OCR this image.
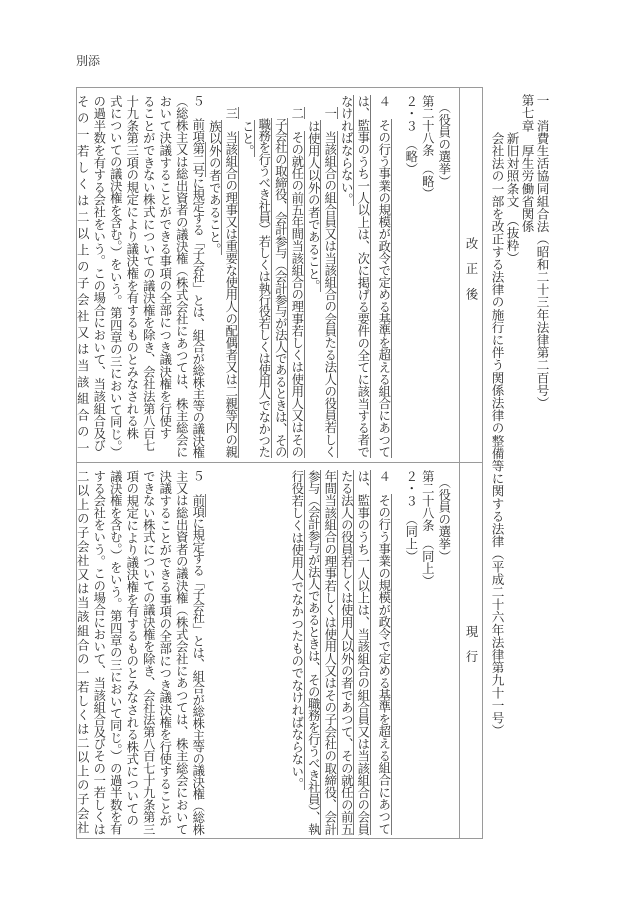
別添
一　消費生活協同組合法（昭和二十三年法律第二百号）
第七章　厚生労働省関係
　　　新旧対照条文　（抜粋）
　　　会社法の一部を改正する法律の施行に伴う関係法律の整備等に関する法律（平成二十六年法律第九十一号）
改正後
現行
　（役員の選挙）
第二十八条　（略）
２・３　（略）
４　その行う事業の規模が政令で定める基準を超える組合にあつて
は、監事のうち一人以上は、次に掲げる要件の全てに該当する者で
なければならない。
　一　当該組合の組合員又は当該組合の会員たる法人の役員若しく
　　は使用人以外の者であること。
　二　その就任の前五年間当該組合の理事若しくは使用人又はその
　　子会社の取締役、会計参与（会計参与が法人であるときは、その
　　職務を行うべき社員）若しくは執行役若しくは使用人でなかつた
　　こと。
　三　当該組合の理事又は重要な使用人の配偶者又は二親等内の親
　　族以外の者であること。
５　前項第二号に規定する「子会社」とは、組合が総株主等の議決権
（総株主又は総出資者の議決権（株式会社にあつては、株主総会に
おいて決議することができる事項の全部につき議決権を行使す
ることができない株式についての議決権を除き、会社法第八百七
十九条第三項の規定により議決権を有するものとみなされる株
式についての議決権を含む。）をいう。第四章の三において同じ。）
の過半数を有する会社をいう。この場合において、当該組合及び
その一若しくは二以上の子会社又は当該組合の一
　（役員の選挙）
第二十八条　（同上）
２・３　（同上）
４　その行う事業の規模が政令で定める基準を超える組合にあつて
は、監事のうち一人以上は、当該組合の組合員又は当該組合の会員
たる法人の役員若しくは使用人以外の者であつて、その就任の前五
年間当該組合の理事若しくは使用人又はその子会社の取締役、会計
参与（会計参与が法人であるときは、その職務を行うべき社員）、執
行役若しくは使用人でなかつたものでなければならない。
５　前項に規定する「子会社」とは、組合が総株主等の議決権（総株
主又は総出資者の議決権（株式会社にあつては、株主総会において
決議することができる事項の全部につき議決権を行使することが
できない株式についての議決権を除き、会社法第八百七十九条第三
項の規定により議決権を有するものとみなされる株式についての
議決権を含む。）をいう。第四章の三において同じ。）の過半数を有
する会社をいう。この場合において、当該組合及びその一若しくは
二以上の子会社又は当該組合の一若しくは二以上の子会社
